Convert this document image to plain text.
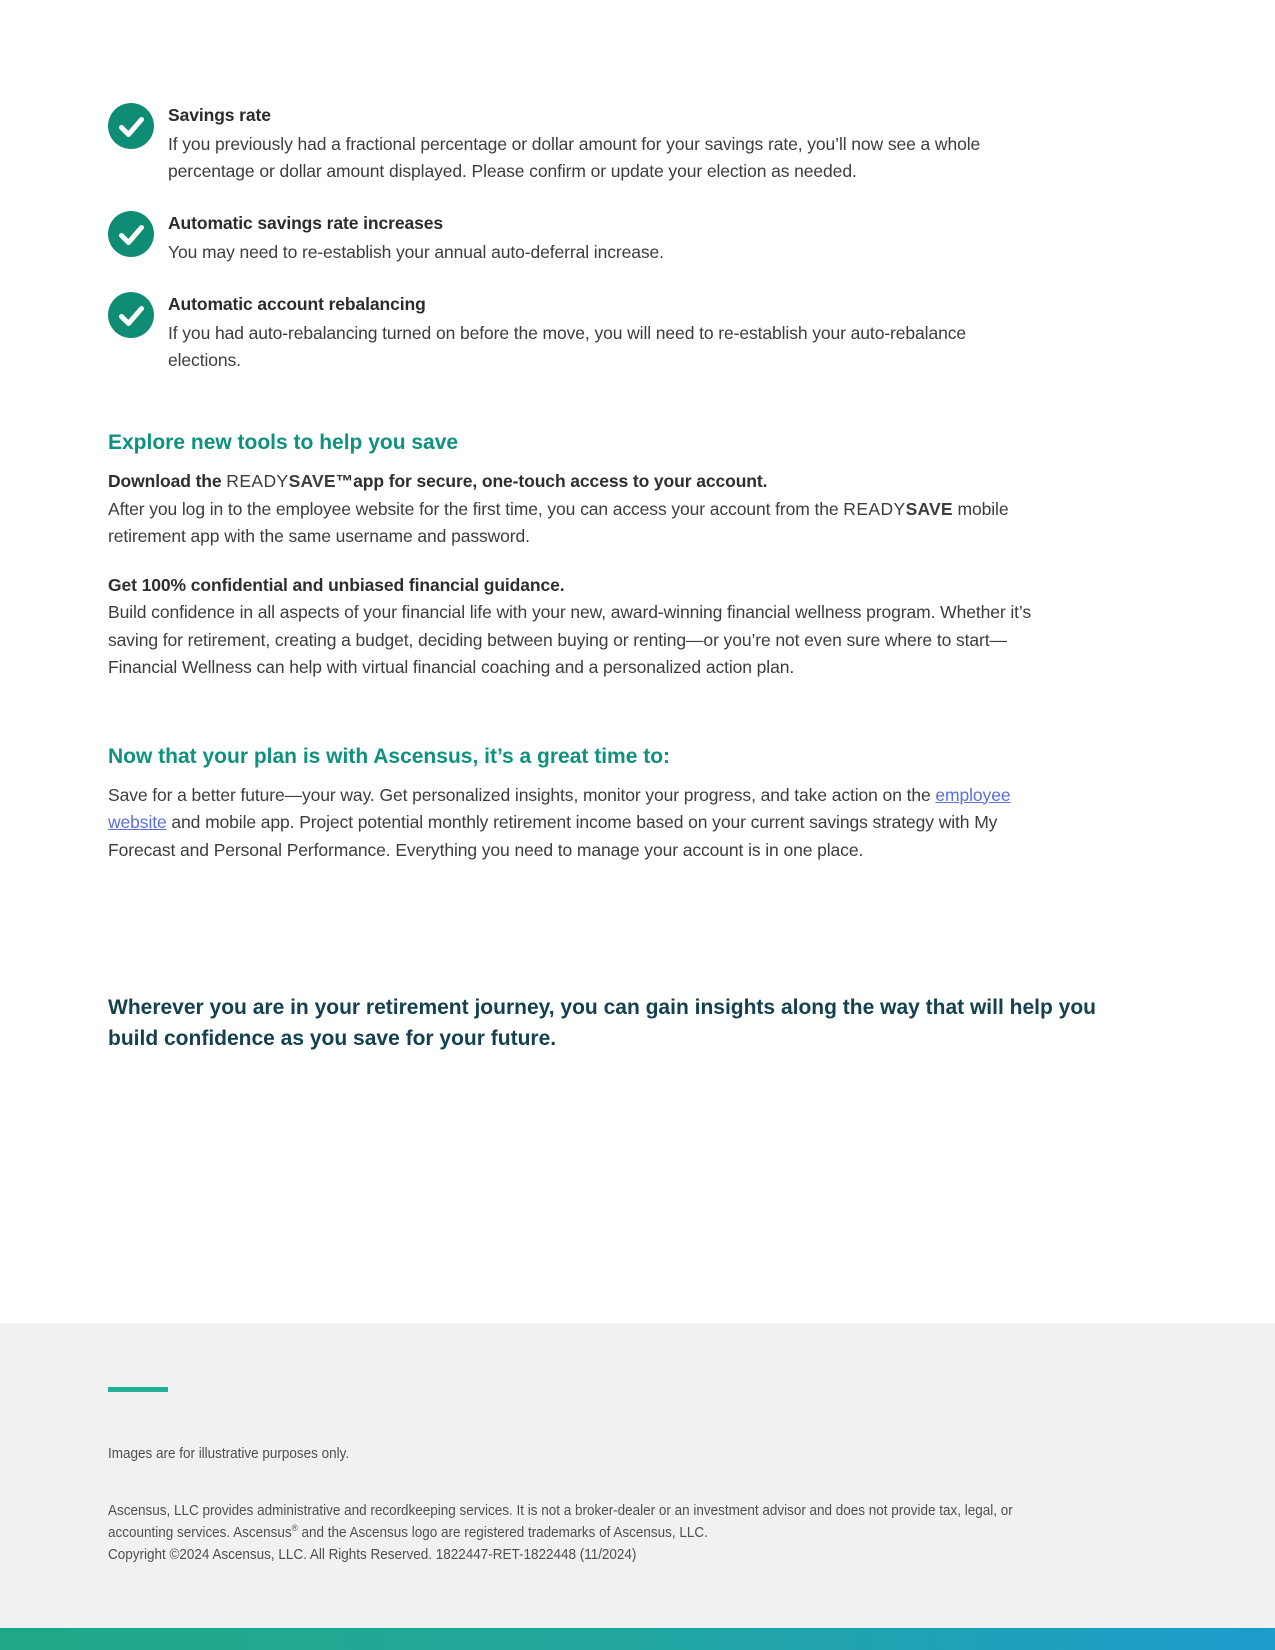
Savings rate

If you previously had a fractional percentage or dollar amount for your savings rate, you’ll now see a whole percentage or dollar amount displayed. Please confirm or update your election as needed.

Automatic savings rate increases

You may need to re-establish your annual auto-deferral increase.

Automatic account rebalancing

If you had auto-rebalancing turned on before the move, you will need to re-establish your auto-rebalance elections.

Explore new tools to help you save

Download the READYSAVE™app for secure, one-touch access to your account.
After you log in to the employee website for the first time, you can access your account from the READYSAVE mobile retirement app with the same username and password.

Get 100% confidential and unbiased financial guidance.
Build confidence in all aspects of your financial life with your new, award-winning financial wellness program. Whether it’s saving for retirement, creating a budget, deciding between buying or renting—or you’re not even sure where to start—Financial Wellness can help with virtual financial coaching and a personalized action plan.

Now that your plan is with Ascensus, it’s a great time to:

Save for a better future—your way. Get personalized insights, monitor your progress, and take action on the employee website and mobile app. Project potential monthly retirement income based on your current savings strategy with My Forecast and Personal Performance. Everything you need to manage your account is in one place.

Wherever you are in your retirement journey, you can gain insights along the way that will help you build confidence as you save for your future.

Images are for illustrative purposes only.

Ascensus, LLC provides administrative and recordkeeping services. It is not a broker-dealer or an investment advisor and does not provide tax, legal, or accounting services. Ascensus® and the Ascensus logo are registered trademarks of Ascensus, LLC.

Copyright ©2024 Ascensus, LLC. All Rights Reserved. 1822447-RET-1822448 (11/2024)
